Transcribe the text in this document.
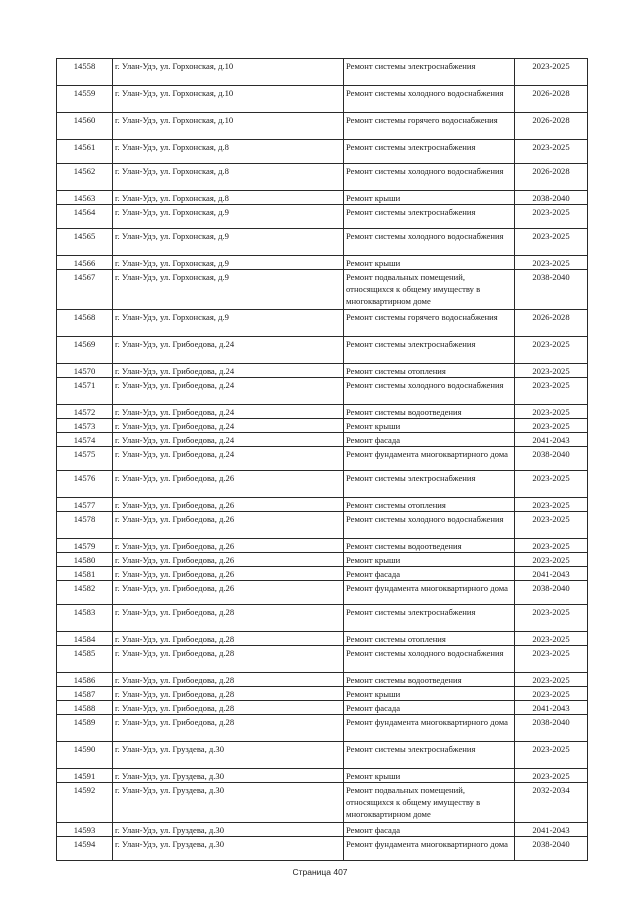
14558	г. Улан-Удэ, ул. Горхонская, д.10	Ремонт системы электроснабжения	2023-2025
14559	г. Улан-Удэ, ул. Горхонская, д.10	Ремонт системы холодного водоснабжения	2026-2028
14560	г. Улан-Удэ, ул. Горхонская, д.10	Ремонт системы горячего водоснабжения	2026-2028
14561	г. Улан-Удэ, ул. Горхонская, д.8	Ремонт системы электроснабжения	2023-2025
14562	г. Улан-Удэ, ул. Горхонская, д.8	Ремонт системы холодного водоснабжения	2026-2028
14563	г. Улан-Удэ, ул. Горхонская, д.8	Ремонт крыши	2038-2040
14564	г. Улан-Удэ, ул. Горхонская, д.9	Ремонт системы электроснабжения	2023-2025
14565	г. Улан-Удэ, ул. Горхонская, д.9	Ремонт системы холодного водоснабжения	2023-2025
14566	г. Улан-Удэ, ул. Горхонская, д.9	Ремонт крыши	2023-2025
14567	г. Улан-Удэ, ул. Горхонская, д.9	Ремонт подвальных помещений, относящихся к общему имуществу в многоквартирном доме	2038-2040
14568	г. Улан-Удэ, ул. Горхонская, д.9	Ремонт системы горячего водоснабжения	2026-2028
14569	г. Улан-Удэ, ул. Грибоедова, д.24	Ремонт системы электроснабжения	2023-2025
14570	г. Улан-Удэ, ул. Грибоедова, д.24	Ремонт системы отопления	2023-2025
14571	г. Улан-Удэ, ул. Грибоедова, д.24	Ремонт системы холодного водоснабжения	2023-2025
14572	г. Улан-Удэ, ул. Грибоедова, д.24	Ремонт системы водоотведения	2023-2025
14573	г. Улан-Удэ, ул. Грибоедова, д.24	Ремонт крыши	2023-2025
14574	г. Улан-Удэ, ул. Грибоедова, д.24	Ремонт фасада	2041-2043
14575	г. Улан-Удэ, ул. Грибоедова, д.24	Ремонт фундамента многоквартирного дома	2038-2040
14576	г. Улан-Удэ, ул. Грибоедова, д.26	Ремонт системы электроснабжения	2023-2025
14577	г. Улан-Удэ, ул. Грибоедова, д.26	Ремонт системы отопления	2023-2025
14578	г. Улан-Удэ, ул. Грибоедова, д.26	Ремонт системы холодного водоснабжения	2023-2025
14579	г. Улан-Удэ, ул. Грибоедова, д.26	Ремонт системы водоотведения	2023-2025
14580	г. Улан-Удэ, ул. Грибоедова, д.26	Ремонт крыши	2023-2025
14581	г. Улан-Удэ, ул. Грибоедова, д.26	Ремонт фасада	2041-2043
14582	г. Улан-Удэ, ул. Грибоедова, д.26	Ремонт фундамента многоквартирного дома	2038-2040
14583	г. Улан-Удэ, ул. Грибоедова, д.28	Ремонт системы электроснабжения	2023-2025
14584	г. Улан-Удэ, ул. Грибоедова, д.28	Ремонт системы отопления	2023-2025
14585	г. Улан-Удэ, ул. Грибоедова, д.28	Ремонт системы холодного водоснабжения	2023-2025
14586	г. Улан-Удэ, ул. Грибоедова, д.28	Ремонт системы водоотведения	2023-2025
14587	г. Улан-Удэ, ул. Грибоедова, д.28	Ремонт крыши	2023-2025
14588	г. Улан-Удэ, ул. Грибоедова, д.28	Ремонт фасада	2041-2043
14589	г. Улан-Удэ, ул. Грибоедова, д.28	Ремонт фундамента многоквартирного дома	2038-2040
14590	г. Улан-Удэ, ул. Груздева, д.30	Ремонт системы электроснабжения	2023-2025
14591	г. Улан-Удэ, ул. Груздева, д.30	Ремонт крыши	2023-2025
14592	г. Улан-Удэ, ул. Груздева, д.30	Ремонт подвальных помещений, относящихся к общему имуществу в многоквартирном доме	2032-2034
14593	г. Улан-Удэ, ул. Груздева, д.30	Ремонт фасада	2041-2043
14594	г. Улан-Удэ, ул. Груздева, д.30	Ремонт фундамента многоквартирного дома	2038-2040
Страница 407
